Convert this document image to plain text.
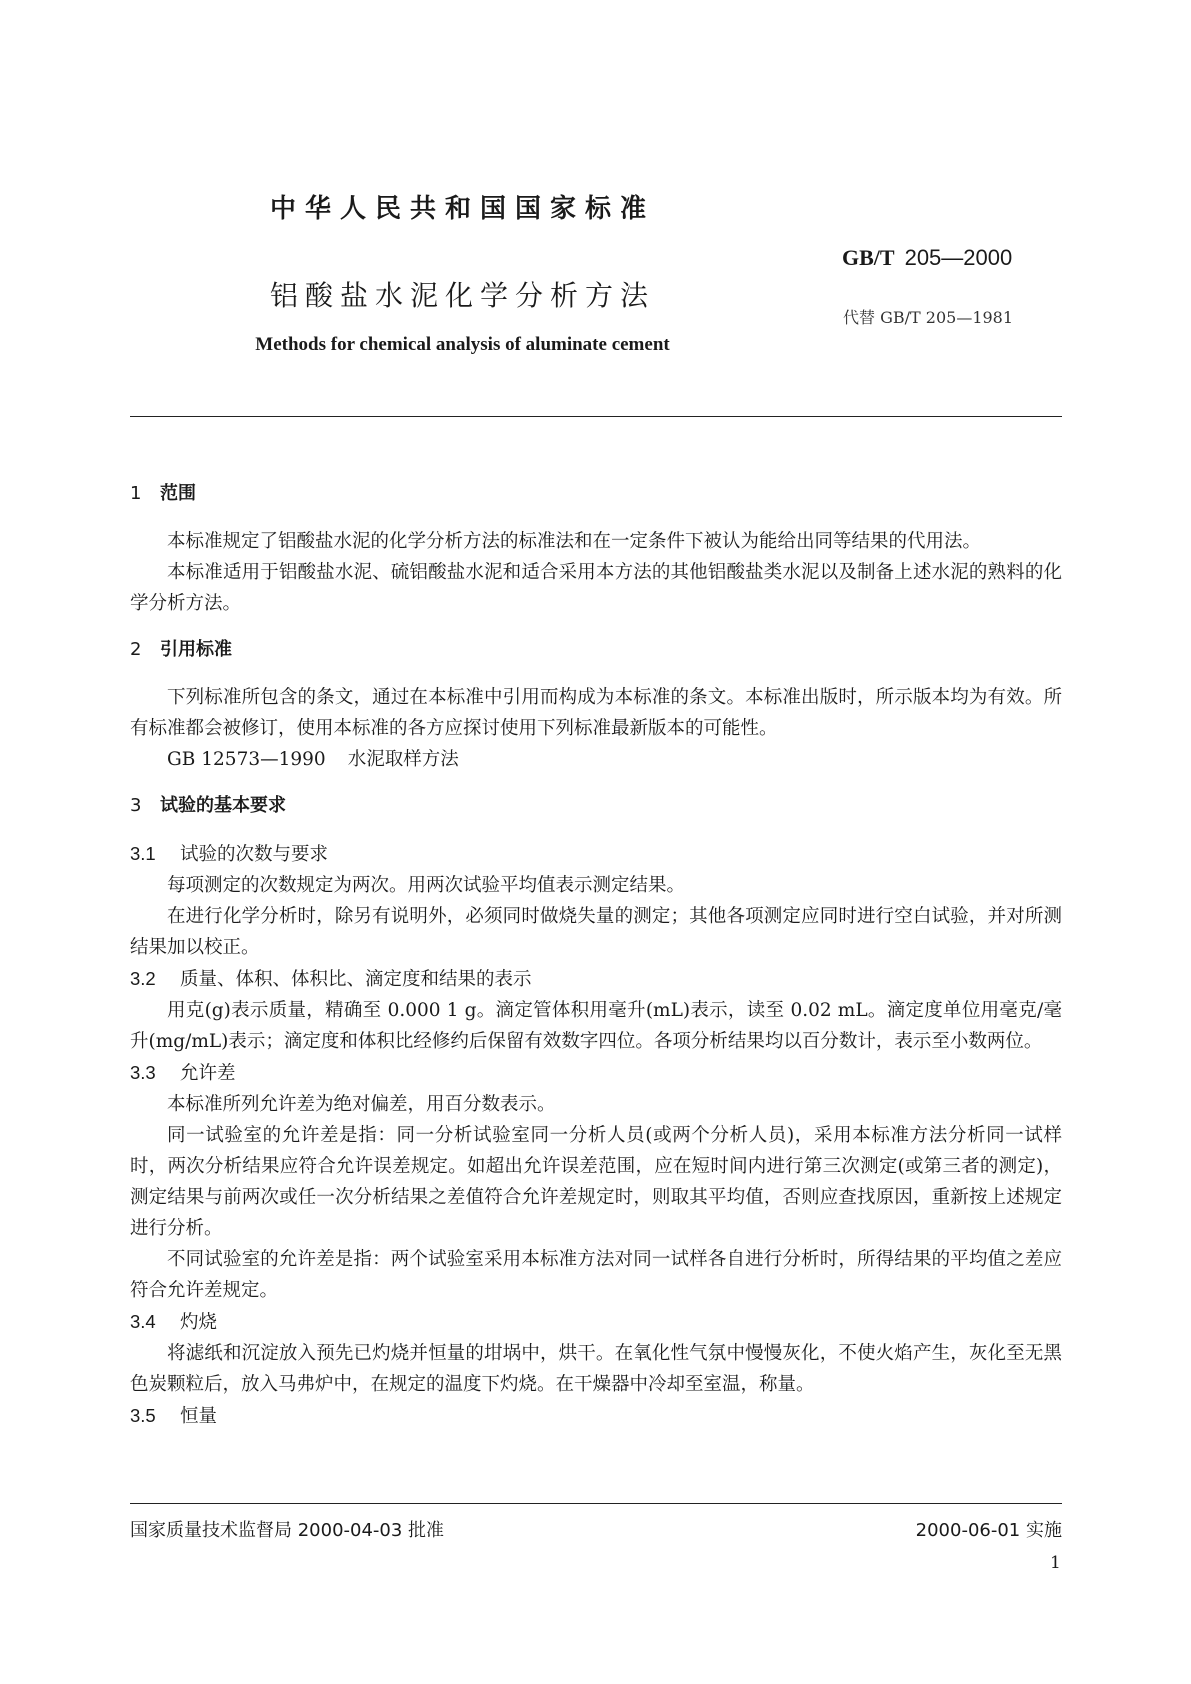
中华人民共和国国家标准
GB/T 205—2000
铝酸盐水泥化学分析方法
代替 GB/T 205—1981
Methods for chemical analysis of aluminate cement
1 范围

本标准规定了铝酸盐水泥的化学分析方法的标准法和在一定条件下被认为能给出同等结果的代用法。

本标准适用于铝酸盐水泥、硫铝酸盐水泥和适合采用本方法的其他铝酸盐类水泥以及制备上述水泥的熟料的化学分析方法。

2 引用标准

下列标准所包含的条文，通过在本标准中引用而构成为本标准的条文。本标准出版时，所示版本均为有效。所有标准都会被修订，使用本标准的各方应探讨使用下列标准最新版本的可能性。

GB 12573—1990 水泥取样方法

3 试验的基本要求

3.1 试验的次数与要求

每项测定的次数规定为两次。用两次试验平均值表示测定结果。

在进行化学分析时，除另有说明外，必须同时做烧失量的测定；其他各项测定应同时进行空白试验，并对所测结果加以校正。

3.2 质量、体积、体积比、滴定度和结果的表示

用克(g)表示质量，精确至 0.000 1 g。滴定管体积用毫升(mL)表示，读至 0.02 mL。滴定度单位用毫克/毫升(mg/mL)表示；滴定度和体积比经修约后保留有效数字四位。各项分析结果均以百分数计，表示至小数两位。

3.3 允许差

本标准所列允许差为绝对偏差，用百分数表示。

同一试验室的允许差是指：同一分析试验室同一分析人员(或两个分析人员)，采用本标准方法分析同一试样时，两次分析结果应符合允许误差规定。如超出允许误差范围，应在短时间内进行第三次测定(或第三者的测定)，测定结果与前两次或任一次分析结果之差值符合允许差规定时，则取其平均值，否则应查找原因，重新按上述规定进行分析。

不同试验室的允许差是指：两个试验室采用本标准方法对同一试样各自进行分析时，所得结果的平均值之差应符合允许差规定。

3.4 灼烧

将滤纸和沉淀放入预先已灼烧并恒量的坩埚中，烘干。在氧化性气氛中慢慢灰化，不使火焰产生，灰化至无黑色炭颗粒后，放入马弗炉中，在规定的温度下灼烧。在干燥器中冷却至室温，称量。

3.5 恒量

国家质量技术监督局 2000-04-03 批准	2000-06-01 实施
1
